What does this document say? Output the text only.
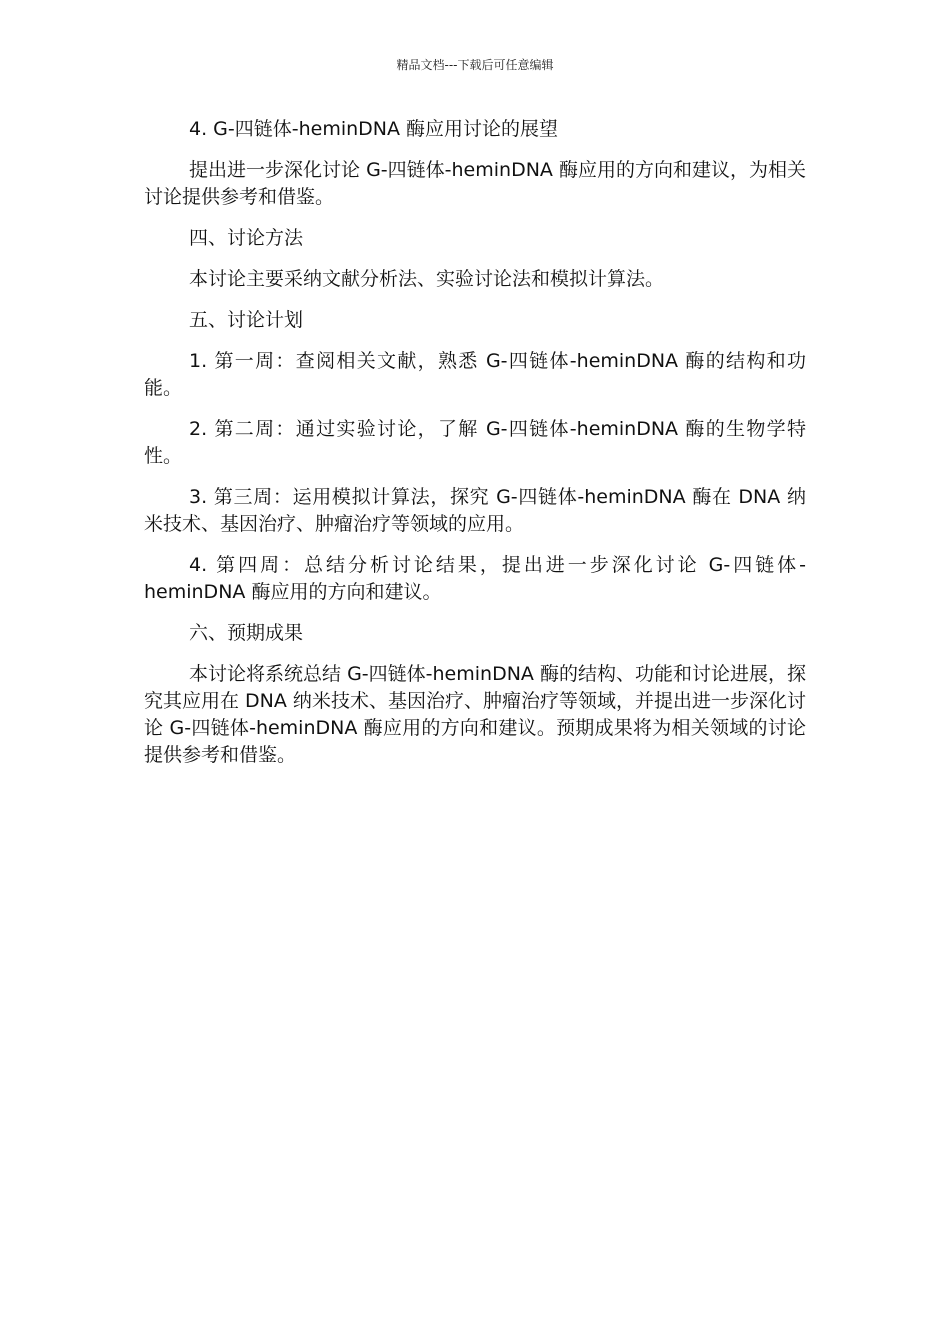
精品文档---下载后可任意编辑

4. G-四链体-heminDNA 酶应用讨论的展望

提出进一步深化讨论 G-四链体-heminDNA 酶应用的方向和建议，为相关讨论提供参考和借鉴。

四、讨论方法

本讨论主要采纳文献分析法、实验讨论法和模拟计算法。

五、讨论计划

1. 第一周：查阅相关文献，熟悉 G-四链体-heminDNA 酶的结构和功能。

2. 第二周：通过实验讨论，了解 G-四链体-heminDNA 酶的生物学特性。

3. 第三周：运用模拟计算法，探究 G-四链体-heminDNA 酶在 DNA 纳米技术、基因治疗、肿瘤治疗等领域的应用。

4. 第四周：总结分析讨论结果，提出进一步深化讨论 G-四链体-heminDNA 酶应用的方向和建议。

六、预期成果

本讨论将系统总结 G-四链体-heminDNA 酶的结构、功能和讨论进展，探究其应用在 DNA 纳米技术、基因治疗、肿瘤治疗等领域，并提出进一步深化讨论 G-四链体-heminDNA 酶应用的方向和建议。预期成果将为相关领域的讨论提供参考和借鉴。
